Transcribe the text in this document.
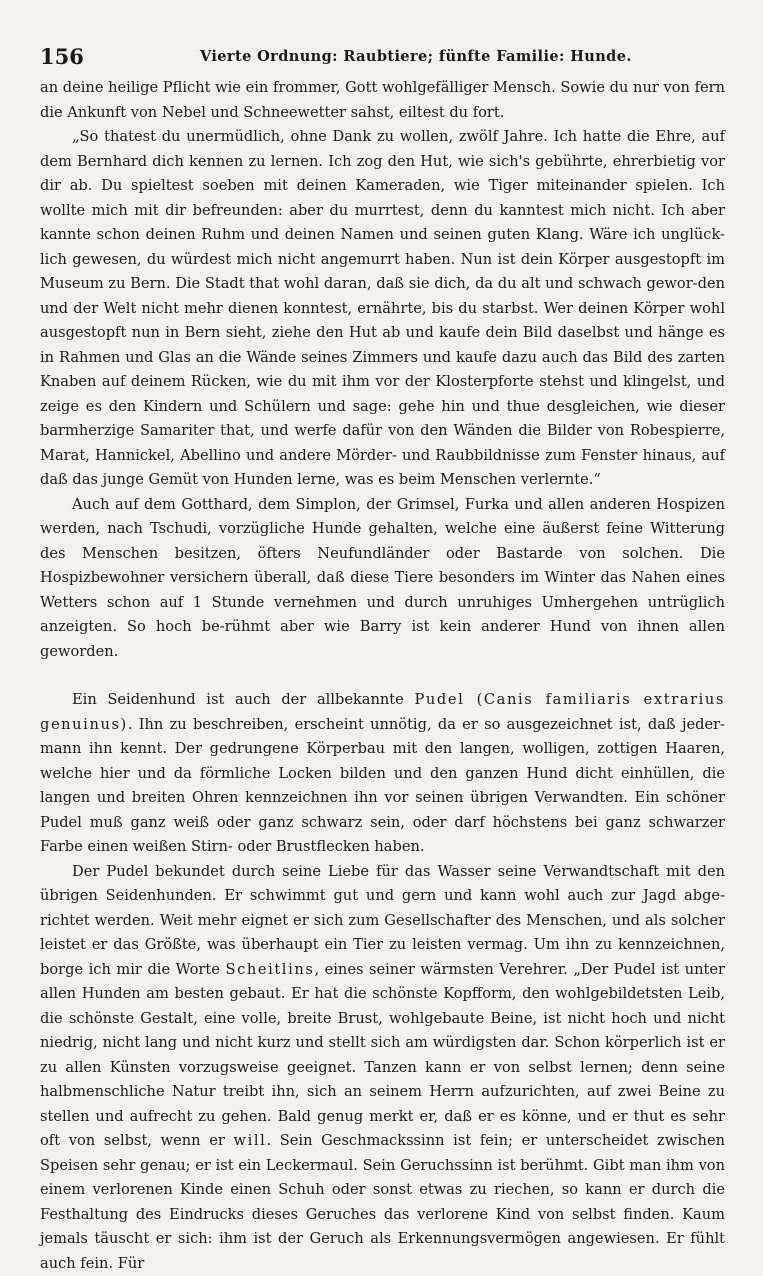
156	Vierte Ordnung: Raubtiere; fünfte Familie: Hunde.

an deine heilige Pflicht wie ein frommer, Gott wohlgefälliger Mensch. Sowie du nur von fern die Ankunft von Nebel und Schneewetter sahst, eiltest du fort.

„So thatest du unermüdlich, ohne Dank zu wollen, zwölf Jahre. Ich hatte die Ehre, auf dem Bernhard dich kennen zu lernen. Ich zog den Hut, wie sich's gebührte, ehrerbietig vor dir ab. Du spieltest soeben mit deinen Kameraden, wie Tiger miteinander spielen. Ich wollte mich mit dir befreunden: aber du murrtest, denn du kanntest mich nicht. Ich aber kannte schon deinen Ruhm und deinen Namen und seinen guten Klang. Wäre ich unglück-lich gewesen, du würdest mich nicht angemurrt haben. Nun ist dein Körper ausgestopft im Museum zu Bern. Die Stadt that wohl daran, daß sie dich, da du alt und schwach gewor-den und der Welt nicht mehr dienen konntest, ernährte, bis du starbst. Wer deinen Körper wohl ausgestopft nun in Bern sieht, ziehe den Hut ab und kaufe dein Bild daselbst und hänge es in Rahmen und Glas an die Wände seines Zimmers und kaufe dazu auch das Bild des zarten Knaben auf deinem Rücken, wie du mit ihm vor der Klosterpforte stehst und klingelst, und zeige es den Kindern und Schülern und sage: gehe hin und thue desgleichen, wie dieser barmherzige Samariter that, und werfe dafür von den Wänden die Bilder von Robespierre, Marat, Hannickel, Abellino und andere Mörder- und Raubbildnisse zum Fenster hinaus, auf daß das junge Gemüt von Hunden lerne, was es beim Menschen verlernte.“

Auch auf dem Gotthard, dem Simplon, der Grimsel, Furka und allen anderen Hospizen werden, nach Tschudi, vorzügliche Hunde gehalten, welche eine äußerst feine Witterung des Menschen besitzen, öfters Neufundländer oder Bastarde von solchen. Die Hospizbewohner versichern überall, daß diese Tiere besonders im Winter das Nahen eines Wetters schon auf 1 Stunde vernehmen und durch unruhiges Umhergehen untrüglich anzeigten. So hoch be-rühmt aber wie Barry ist kein anderer Hund von ihnen allen geworden.

Ein Seidenhund ist auch der allbekannte Pudel (Canis familiaris extrarius genuinus). Ihn zu beschreiben, erscheint unnötig, da er so ausgezeichnet ist, daß jeder-mann ihn kennt. Der gedrungene Körperbau mit den langen, wolligen, zottigen Haaren, welche hier und da förmliche Locken bilden und den ganzen Hund dicht einhüllen, die langen und breiten Ohren kennzeichnen ihn vor seinen übrigen Verwandten. Ein schöner Pudel muß ganz weiß oder ganz schwarz sein, oder darf höchstens bei ganz schwarzer Farbe einen weißen Stirn- oder Brustflecken haben.

Der Pudel bekundet durch seine Liebe für das Wasser seine Verwandtschaft mit den übrigen Seidenhunden. Er schwimmt gut und gern und kann wohl auch zur Jagd abge-richtet werden. Weit mehr eignet er sich zum Gesellschafter des Menschen, und als solcher leistet er das Größte, was überhaupt ein Tier zu leisten vermag. Um ihn zu kennzeichnen, borge ich mir die Worte Scheitlins, eines seiner wärmsten Verehrer. „Der Pudel ist unter allen Hunden am besten gebaut. Er hat die schönste Kopfform, den wohlgebildetsten Leib, die schönste Gestalt, eine volle, breite Brust, wohlgebaute Beine, ist nicht hoch und nicht niedrig, nicht lang und nicht kurz und stellt sich am würdigsten dar. Schon körperlich ist er zu allen Künsten vorzugsweise geeignet. Tanzen kann er von selbst lernen; denn seine halbmenschliche Natur treibt ihn, sich an seinem Herrn aufzurichten, auf zwei Beine zu stellen und aufrecht zu gehen. Bald genug merkt er, daß er es könne, und er thut es sehr oft von selbst, wenn er will. Sein Geschmackssinn ist fein; er unterscheidet zwischen Speisen sehr genau; er ist ein Leckermaul. Sein Geruchssinn ist berühmt. Gibt man ihm von einem verlorenen Kinde einen Schuh oder sonst etwas zu riechen, so kann er durch die Festhaltung des Eindrucks dieses Geruches das verlorene Kind von selbst finden. Kaum jemals täuscht er sich: ihm ist der Geruch als Erkennungsvermögen angewiesen. Er fühlt auch fein. Für
